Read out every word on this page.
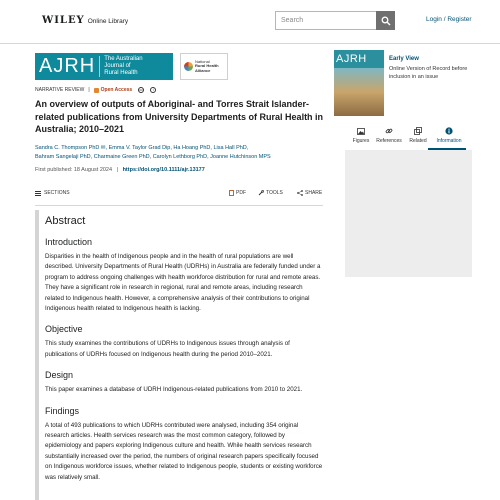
WILEY Online Library	Search	Login / Register
AJRH	The Australian
Journal of
Rural Health
National
Rural Health
Alliance
NARRATIVE REVIEW | Open Access	cc	i
An overview of outputs of Aboriginal- and Torres Strait Islander-related publications from University Departments of Rural Health in Australia; 2010–2021
Sandra C. Thompson PhD ✉, Emma V. Taylor Grad Dip, Ha Hoang PhD, Lisa Hall PhD,
Bahram Sangelaji PhD, Charmaine Green PhD, Carolyn Lethborg PhD, Joanne Hutchinson MPS
First published: 18 August 2024 | https://doi.org/10.1111/ajr.13177
SECTIONS	PDF	TOOLS	SHARE
Abstract
Introduction

Disparities in the health of Indigenous people and in the health of rural populations are well described. University Departments of Rural Health (UDRHs) in Australia are federally funded under a program to address ongoing challenges with health workforce distribution for rural and remote areas. They have a significant role in research in regional, rural and remote areas, including research related to Indigenous health. However, a comprehensive analysis of their contributions to original Indigenous health related to Indigenous health is lacking.

Objective

This study examines the contributions of UDRHs to Indigenous issues through analysis of publications of UDRHs focused on Indigenous health during the period 2010–2021.

Design

This paper examines a database of UDRH Indigenous-related publications from 2010 to 2021.

Findings

A total of 493 publications to which UDRHs contributed were analysed, including 354 original research articles. Health services research was the most common category, followed by epidemiology and papers exploring Indigenous culture and health. While health services research substantially increased over the period, the numbers of original research papers specifically focused on Indigenous workforce issues, whether related to Indigenous people, students or existing workforce was relatively small.

AJRH	Early View
Online Version of Record before inclusion in an issue
Figures References Related Information
